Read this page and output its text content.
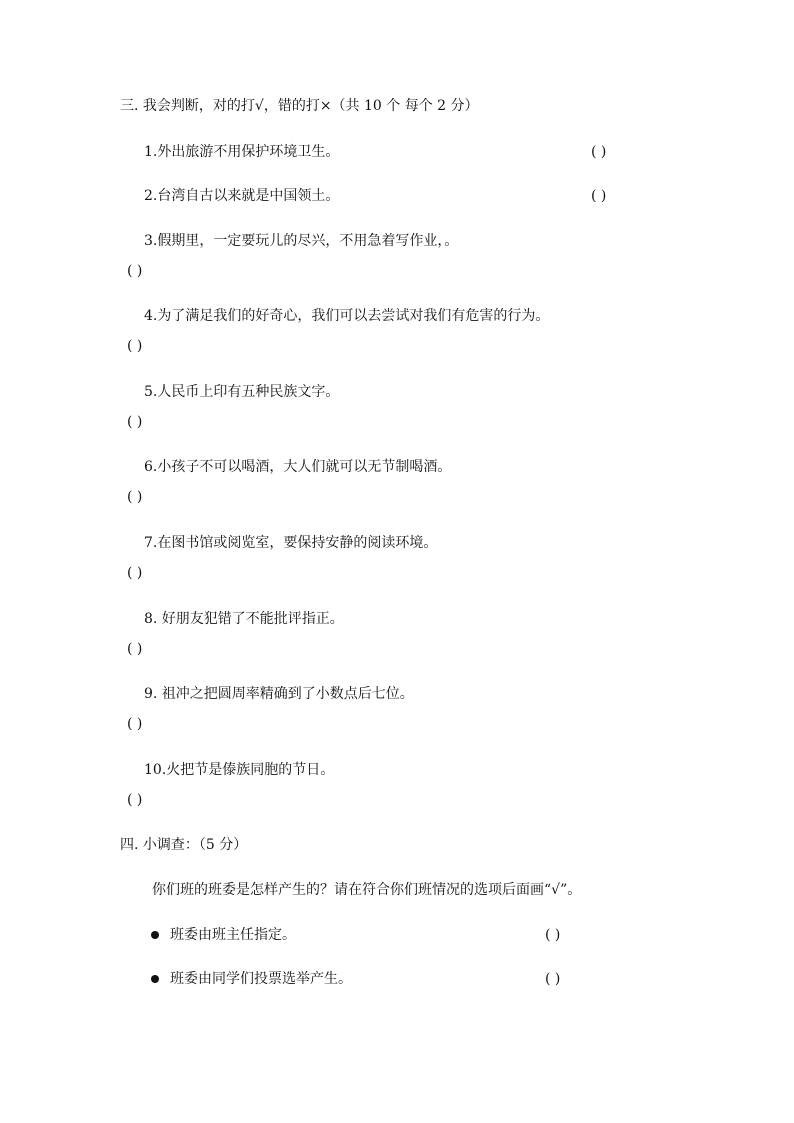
三. 我会判断，对的打√，错的打×（共 10 个 每个 2 分）
1.外出旅游不用保护环境卫生。	( )
2.台湾自古以来就是中国领土。	( )
3.假期里，一定要玩儿的尽兴，不用急着写作业，。
( )
4.为了满足我们的好奇心，我们可以去尝试对我们有危害的行为。
( )
5.人民币上印有五种民族文字。
( )
6.小孩子不可以喝酒，大人们就可以无节制喝酒。
( )
7.在图书馆或阅览室，要保持安静的阅读环境。
( )
8. 好朋友犯错了不能批评指正。
( )
9. 祖冲之把圆周率精确到了小数点后七位。
( )
10.火把节是傣族同胞的节日。
( )
四. 小调查：（5 分）
你们班的班委是怎样产生的？请在符合你们班情况的选项后面画“√”。
班委由班主任指定。	( )
班委由同学们投票选举产生。	( )
